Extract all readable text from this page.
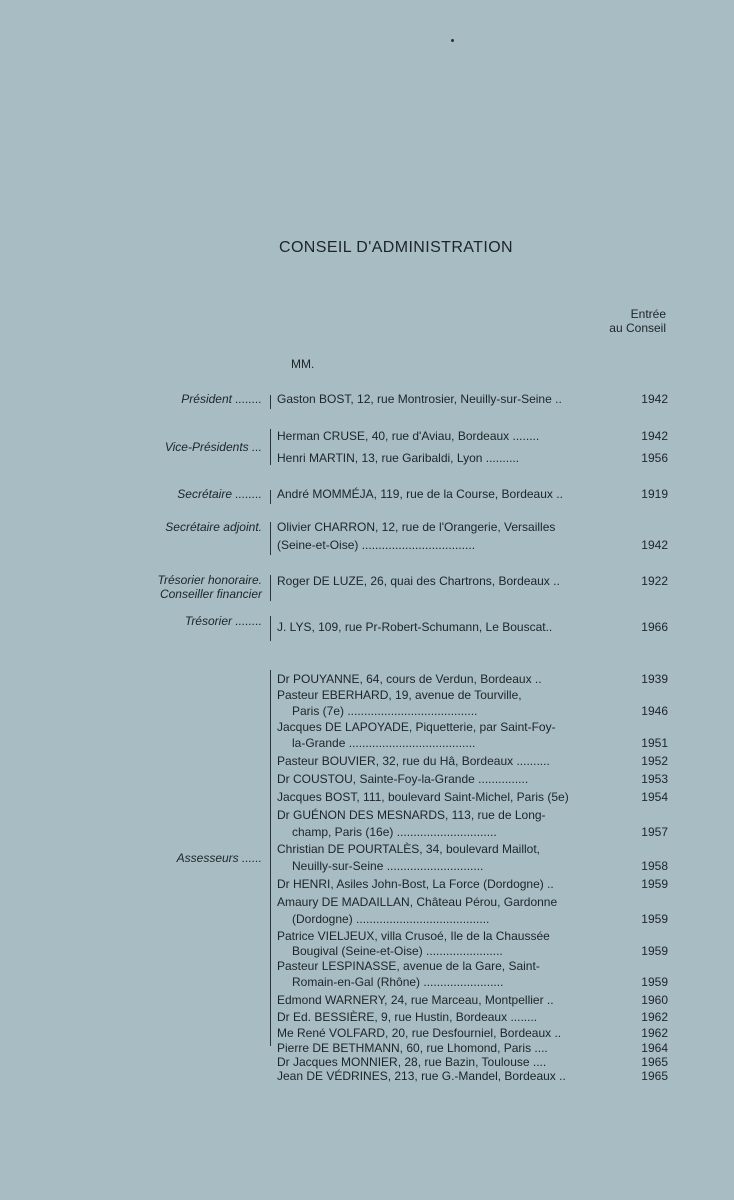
CONSEIL D'ADMINISTRATION
Entrée
au Conseil
MM.
Président ........ Gaston BOST, 12, rue Montrosier, Neuilly-sur-Seine ..	1942
Vice-Présidents ...
Herman CRUSE, 40, rue d'Aviau, Bordeaux ........	1942
Henri MARTIN, 13, rue Garibaldi, Lyon ..........	1956
Secrétaire ........ André MOMMÉJA, 119, rue de la Course, Bordeaux ..	1919
Secrétaire adjoint. Olivier CHARRON, 12, rue de l'Orangerie, Versailles
(Seine-et-Oise) ..................................	1942
Trésorier honoraire.
Conseiller financier
Roger DE LUZE, 26, quai des Chartrons, Bordeaux ..	1922
Trésorier ........ J. LYS, 109, rue Pr-Robert-Schumann, Le Bouscat..	1966
Assesseurs ......
Dr POUYANNE, 64, cours de Verdun, Bordeaux ..	1939
Pasteur EBERHARD, 19, avenue de Tourville,
Paris (7e) .......................................	1946
Jacques DE LAPOYADE, Piquetterie, par Saint-Foy-
la-Grande ......................................	1951
Pasteur BOUVIER, 32, rue du Hâ, Bordeaux ..........	1952
Dr COUSTOU, Sainte-Foy-la-Grande ...............	1953
Jacques BOST, 111, boulevard Saint-Michel, Paris (5e)	1954
Dr GUÉNON DES MESNARDS, 113, rue de Long-
champ, Paris (16e) ..............................	1957
Christian DE POURTALÈS, 34, boulevard Maillot,
Neuilly-sur-Seine .............................	1958
Dr HENRI, Asiles John-Bost, La Force (Dordogne) ..	1959
Amaury DE MADAILLAN, Château Pérou, Gardonne
(Dordogne) ........................................	1959
Patrice VIELJEUX, villa Crusoé, Ile de la Chaussée
Bougival (Seine-et-Oise) .......................	1959
Pasteur LESPINASSE, avenue de la Gare, Saint-
Romain-en-Gal (Rhône) ........................	1959
Edmond WARNERY, 24, rue Marceau, Montpellier ..	1960
Dr Ed. BESSIÈRE, 9, rue Hustin, Bordeaux ........	1962
Me René VOLFARD, 20, rue Desfourniel, Bordeaux ..	1962
Pierre DE BETHMANN, 60, rue Lhomond, Paris ....	1964
Dr Jacques MONNIER, 28, rue Bazin, Toulouse ....	1965
Jean DE VÉDRINES, 213, rue G.-Mandel, Bordeaux ..	1965
